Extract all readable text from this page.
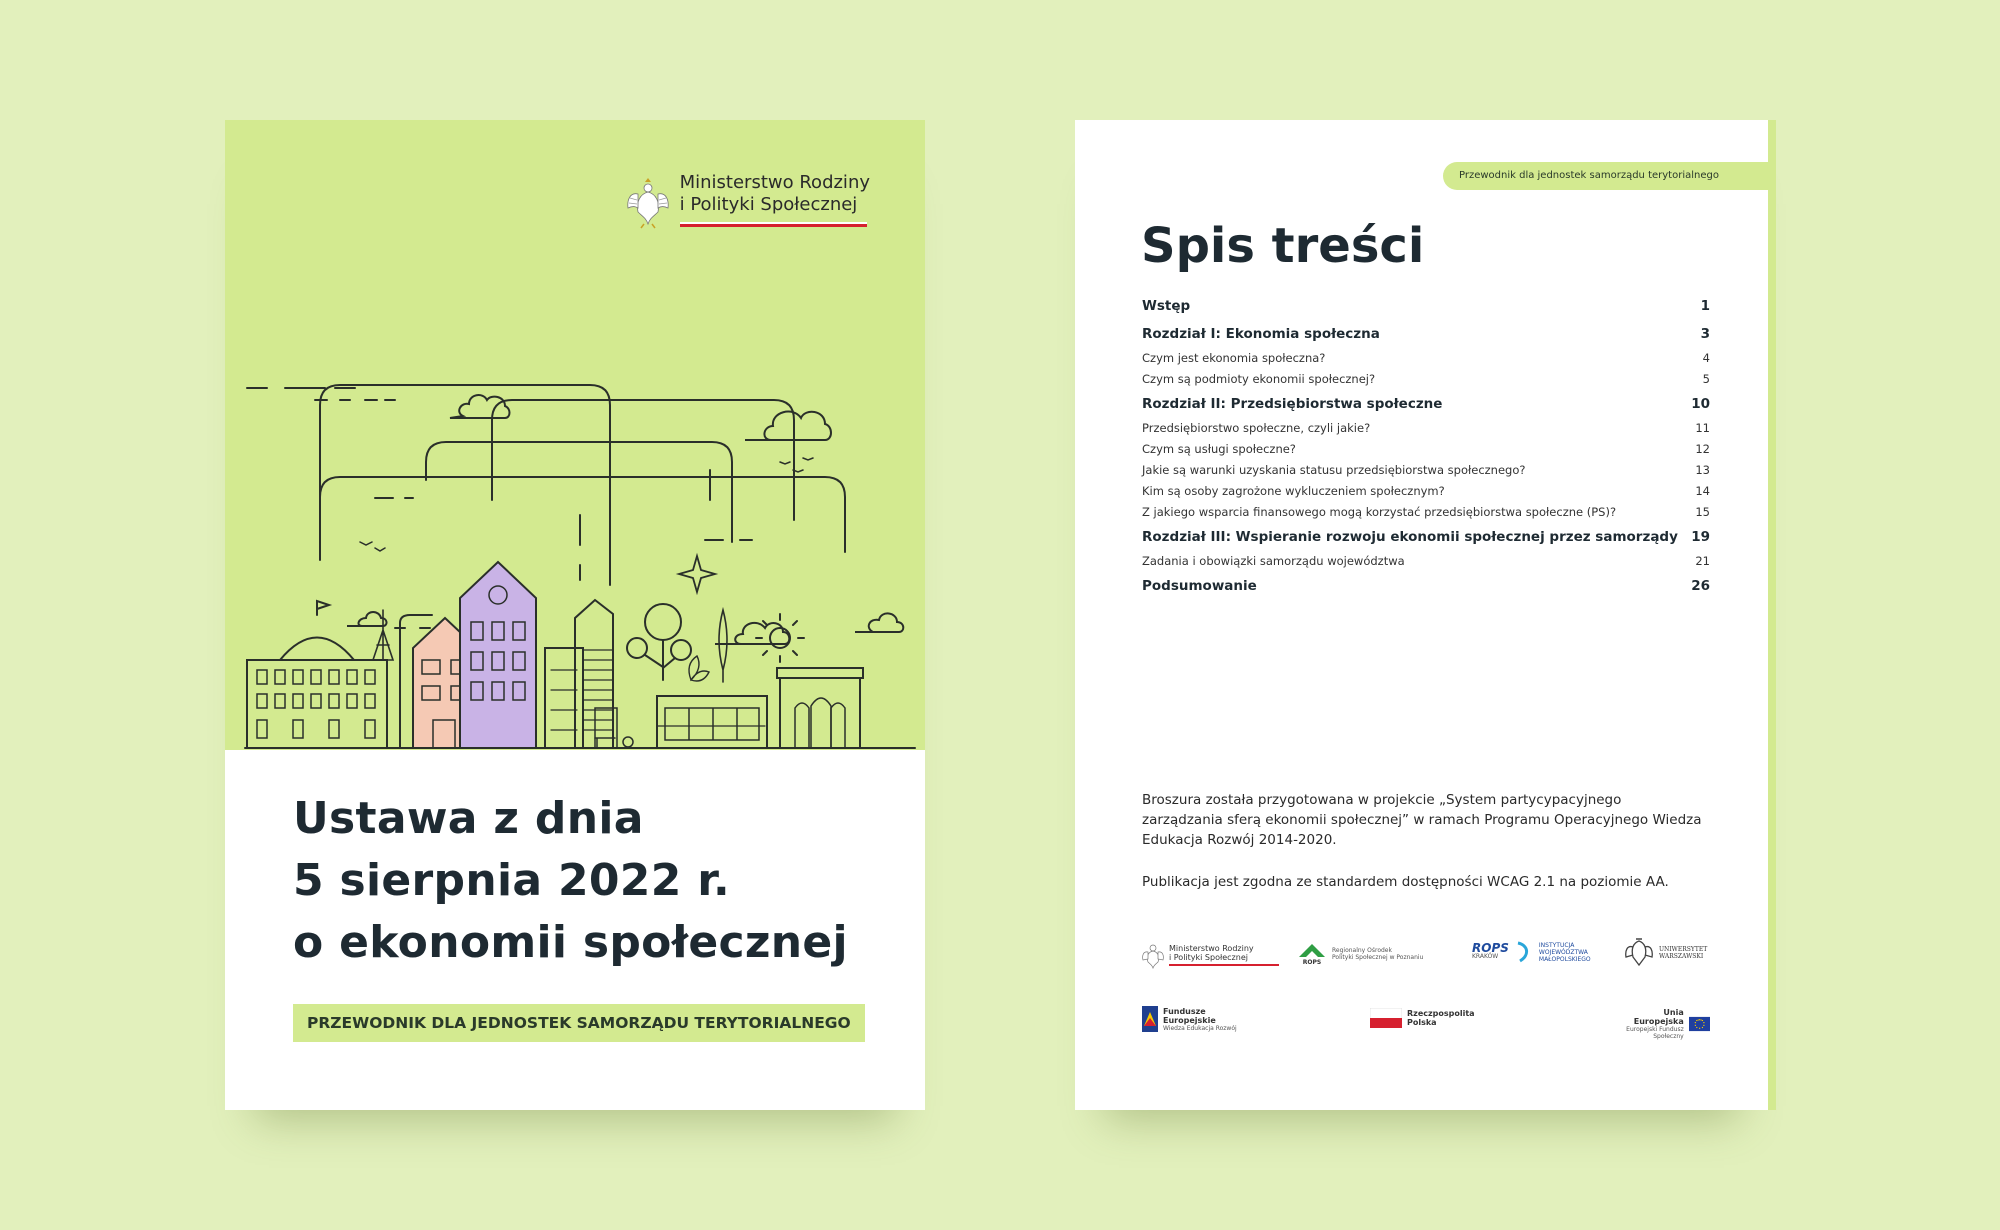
Ministerstwo Rodziny
i Polityki Społecznej
Ustawa z dnia
5 sierpnia 2022 r.
o ekonomii społecznej
PRZEWODNIK DLA JEDNOSTEK SAMORZĄDU TERYTORIALNEGO
Przewodnik dla jednostek samorządu terytorialnego
Spis treści
Wstęp	1
Rozdział I: Ekonomia społeczna	3
Czym jest ekonomia społeczna?	4
Czym są podmioty ekonomii społecznej?	5
Rozdział II: Przedsiębiorstwa społeczne	10
Przedsiębiorstwo społeczne, czyli jakie?	11
Czym są usługi społeczne?	12
Jakie są warunki uzyskania statusu przedsiębiorstwa społecznego?	13
Kim są osoby zagrożone wykluczeniem społecznym?	14
Z jakiego wsparcia finansowego mogą korzystać przedsiębiorstwa społeczne (PS)?	15
Rozdział III: Wspieranie rozwoju ekonomii społecznej przez samorządy 19
Zadania i obowiązki samorządu województwa	21
Podsumowanie	26

Broszura została przygotowana w projekcie „System partycypacyjnego zarządzania sferą ekonomii społecznej” w ramach Programu Operacyjnego Wiedza Edukacja Rozwój 2014-2020.

Publikacja jest zgodna ze standardem dostępności WCAG 2.1 na poziomie AA.

Ministerstwo Rodziny
i Polityki Społecznej
ROPS
Regionalny Ośrodek
Polityki Społecznej w Poznaniu
ROPS
KRAKÓW
INSTYTUCJA
WOJEWÓDZTWA
MAŁOPOLSKIEGO
UNIWERSYTET
WARSZAWSKI
Fundusze
Europejskie
Wiedza Edukacja Rozwój
Rzeczpospolita
Polska
Unia Europejska
Europejski Fundusz Społeczny
